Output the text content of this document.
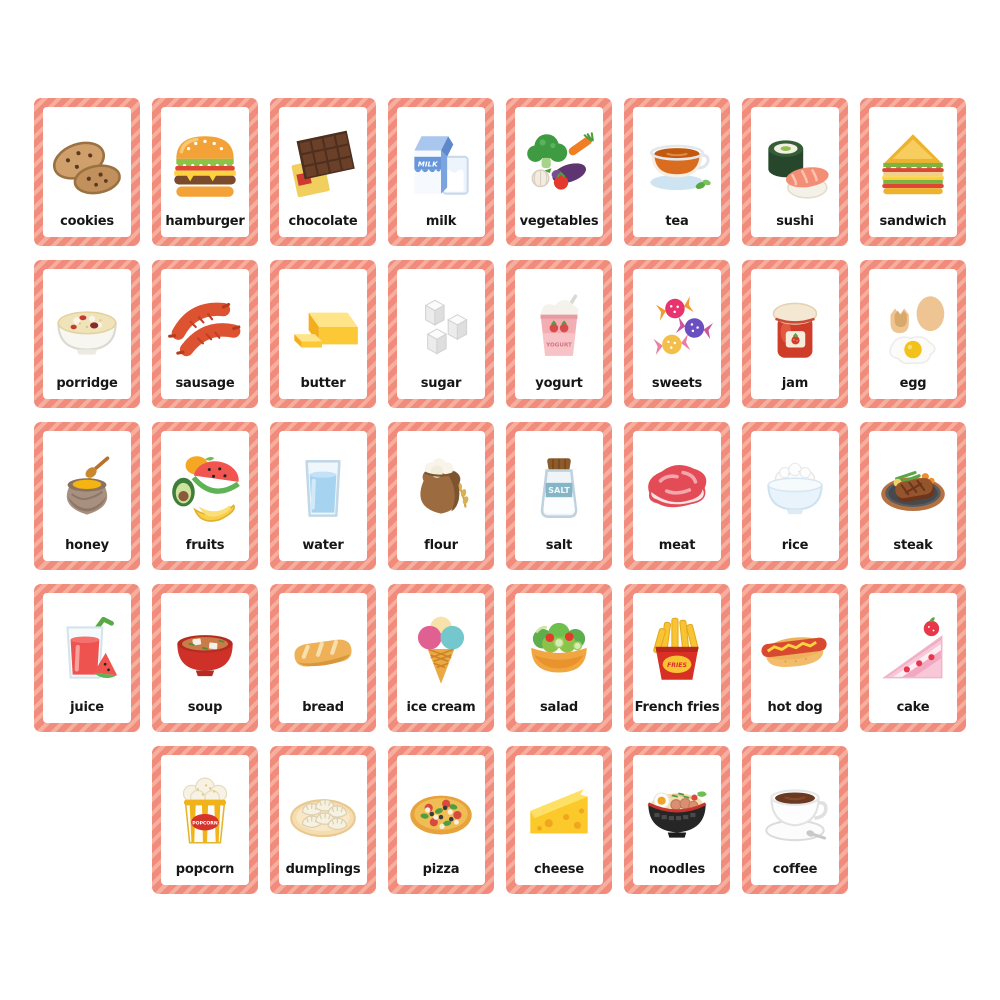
cookies	hamburger	chocolate
MILK
milk	vegetables	tea	sushi	sandwich
porridge	sausage	butter	sugar
YOGURT
yogurt	sweets	jam	egg
honey	fruits	water	flour
SALT
salt	meat	rice	steak
juice	soup	bread	ice cream	salad
FRIES
French fries	hot dog	cake
POPCORN
popcorn	dumplings	pizza	cheese	noodles	coffee
